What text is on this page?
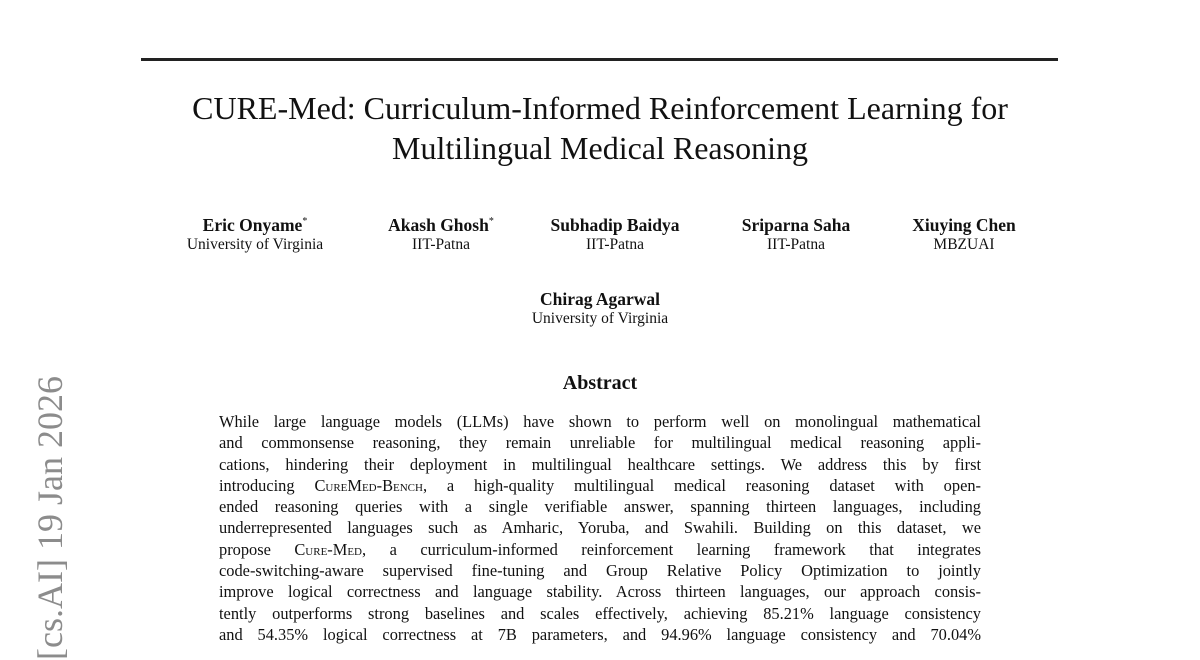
CURE-Med: Curriculum-Informed Reinforcement Learning for
Multilingual Medical Reasoning
Eric Onyame*
University of Virginia
Akash Ghosh*
IIT-Patna
Subhadip Baidya
IIT-Patna
Sriparna Saha
IIT-Patna
Xiuying Chen
MBZUAI
Chirag Agarwal
University of Virginia
Abstract
While large language models (LLMs) have shown to perform well on monolingual mathematical
and commonsense reasoning, they remain unreliable for multilingual medical reasoning appli-
cations, hindering their deployment in multilingual healthcare settings. We address this by first
introducing CureMed-Bench, a high-quality multilingual medical reasoning dataset with open-
ended reasoning queries with a single verifiable answer, spanning thirteen languages, including
underrepresented languages such as Amharic, Yoruba, and Swahili. Building on this dataset, we
propose Cure-Med, a curriculum-informed reinforcement learning framework that integrates
code-switching-aware supervised fine-tuning and Group Relative Policy Optimization to jointly
improve logical correctness and language stability. Across thirteen languages, our approach consis-
tently outperforms strong baselines and scales effectively, achieving 85.21% language consistency
and 54.35% logical correctness at 7B parameters, and 94.96% language consistency and 70.04%
[cs.AI] 19 Jan 2026
